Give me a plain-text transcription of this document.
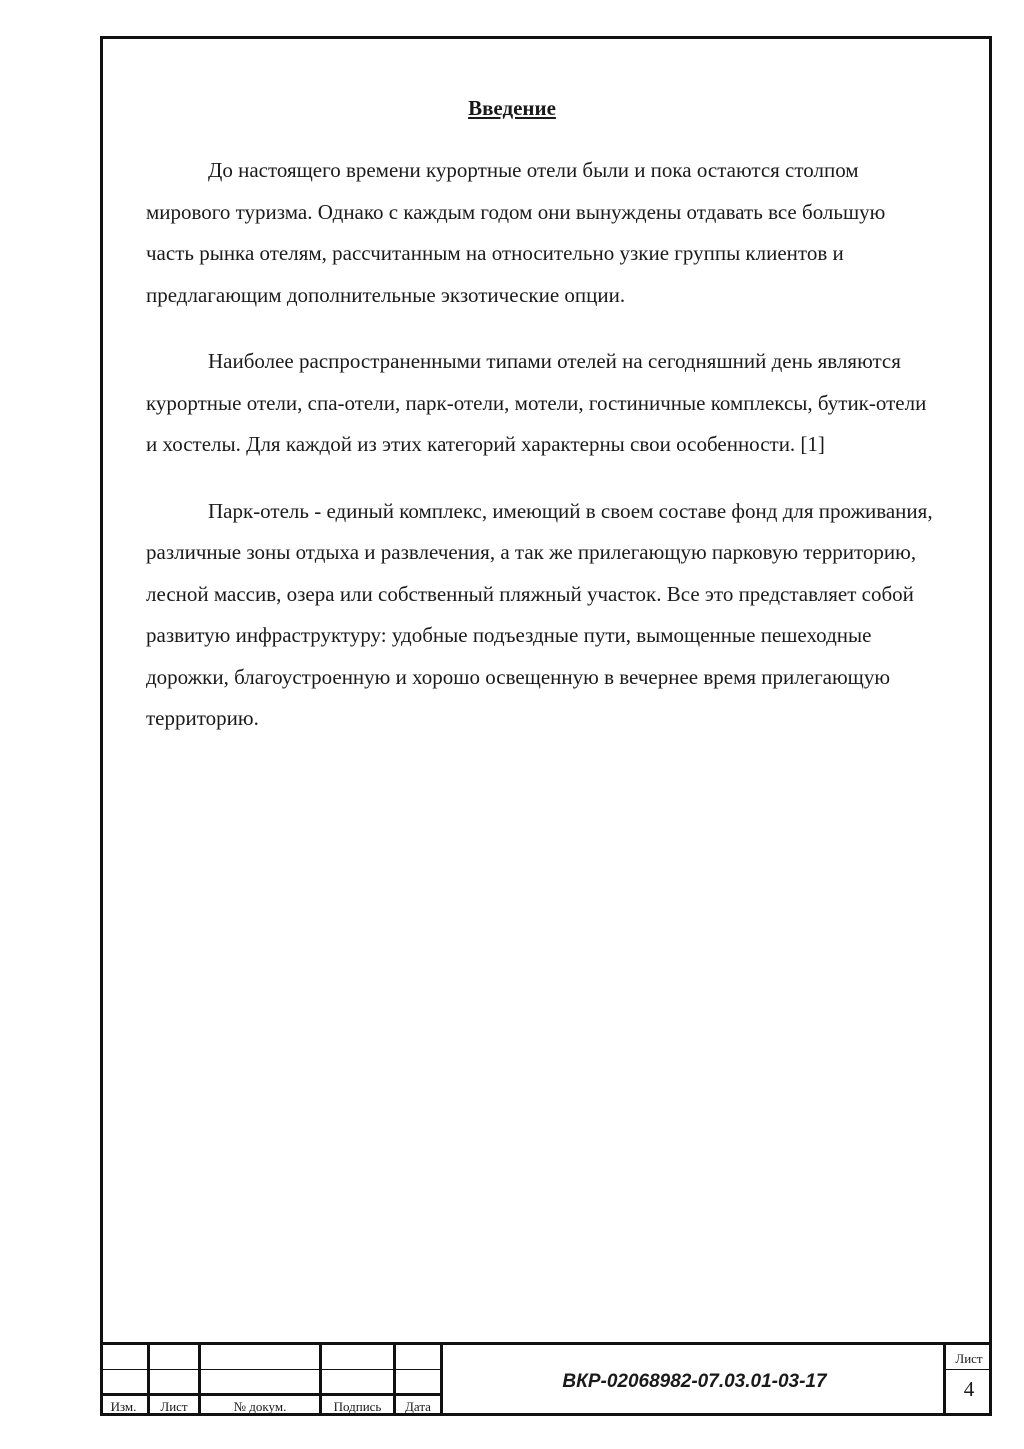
Введение

До настоящего времени курортные отели были и пока остаются столпом мирового туризма. Однако с каждым годом они вынуждены отдавать все большую часть рынка отелям, рассчитанным на относительно узкие группы клиентов и предлагающим дополнительные экзотические опции.

Наиболее распространенными типами отелей на сегодняшний день являются курортные отели, спа-отели, парк-отели, мотели, гостиничные комплексы, бутик-отели и хостелы. Для каждой из этих категорий характерны свои особенности. [1]

Парк-отель - единый комплекс, имеющий в своем составе фонд для проживания, различные зоны отдыха и развлечения, а так же прилегающую парковую территорию, лесной массив, озера или собственный пляжный участок. Все это представляет собой развитую инфраструктуру: удобные подъездные пути, вымощенные пешеходные дорожки, благоустроенную и хорошо освещенную в вечернее время прилегающую территорию.

Изм.	Лист	№ докум.	Подпись	Дата
ВКР-02068982-07.03.01-03-17
Лист
4
